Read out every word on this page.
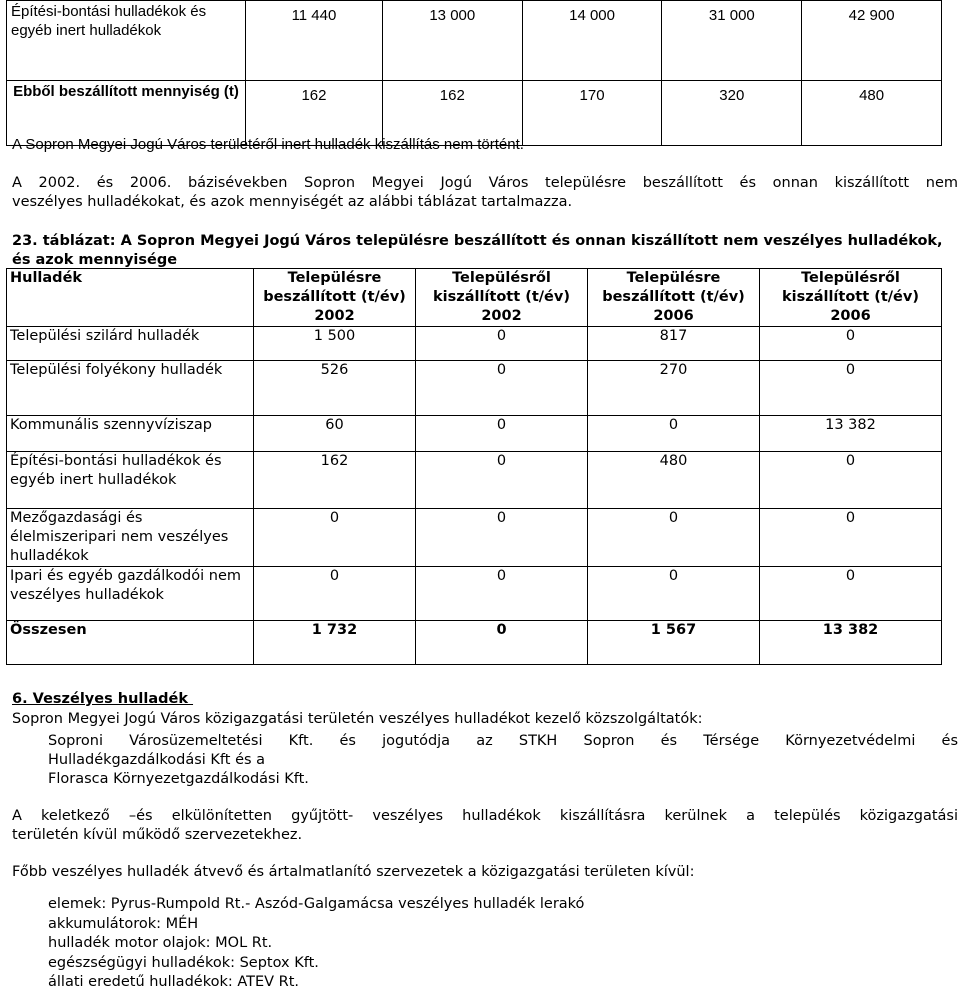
Építési-bontási hulladékok és egyéb inert hulladékok	11 440	13 000	14 000	31 000	42 900
Ebből beszállított mennyiség (t)	162	162	170	320	480
A Sopron Megyei Jogú Város területéről inert hulladék kiszállítás nem történt.
A 2002. és 2006. bázisévekben Sopron Megyei Jogú Város településre beszállított és onnan kiszállított nem
veszélyes hulladékokat, és azok mennyiségét az alábbi táblázat tartalmazza.
23. táblázat: A Sopron Megyei Jogú Város településre beszállított és onnan kiszállított nem veszélyes hulladékok, és azok mennyisége
Hulladék	Településre beszállított (t/év) 2002	Településről kiszállított (t/év) 2002	Településre beszállított (t/év) 2006	Településről kiszállított (t/év) 2006
Települési szilárd hulladék	1 500	0	817	0
Települési folyékony hulladék	526	0	270	0
Kommunális szennyvíziszap	60	0	0	13 382
Építési-bontási hulladékok és egyéb inert hulladékok	162	0	480	0
Mezőgazdasági és élelmiszeripari nem veszélyes hulladékok	0	0	0	0
Ipari és egyéb gazdálkodói nem veszélyes hulladékok	0	0	0	0
Összesen	1 732	0	1 567	13 382
6. Veszélyes hulladék
Sopron Megyei Jogú Város közigazgatási területén veszélyes hulladékot kezelő közszolgáltatók:
Soproni Városüzemeltetési Kft. és jogutódja az STKH Sopron és Térsége Környezetvédelmi és
Hulladékgazdálkodási Kft és a
Florasca Környezetgazdálkodási Kft.
A keletkező –és elkülönítetten gyűjtött- veszélyes hulladékok kiszállításra kerülnek a település közigazgatási
területén kívül működő szervezetekhez.
Főbb veszélyes hulladék átvevő és ártalmatlanító szervezetek a közigazgatási területen kívül:
elemek: Pyrus-Rumpold Rt.- Aszód-Galgamácsa veszélyes hulladék lerakó
akkumulátorok: MÉH
hulladék motor olajok: MOL Rt.
egészségügyi hulladékok: Septox Kft.
állati eredetű hulladékok: ATEV Rt.
